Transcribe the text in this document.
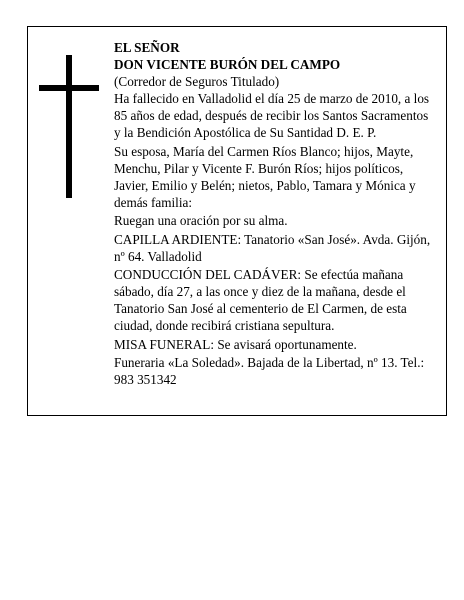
EL SEÑOR
DON VICENTE BURÓN DEL CAMPO
(Corredor de Seguros Titulado)

Ha fallecido en Valladolid el día 25 de marzo de 2010, a los 85 años de edad, después de recibir los Santos Sacramentos y la Bendición Apostólica de Su Santidad D. E. P.

Su esposa, María del Carmen Ríos Blanco; hijos, Mayte, Menchu, Pilar y Vicente F. Burón Ríos; hijos políticos, Javier, Emilio y Belén; nietos, Pablo, Tamara y Mónica y demás familia:

Ruegan una oración por su alma.

CAPILLA ARDIENTE: Tanatorio «San José». Avda. Gijón, nº 64. Valladolid

CONDUCCIÓN DEL CADÁVER: Se efectúa mañana sábado, día 27, a las once y diez de la mañana, desde el Tanatorio San José al cementerio de El Carmen, de esta ciudad, donde recibirá cristiana sepultura.

MISA FUNERAL: Se avisará oportunamente.

Funeraria «La Soledad». Bajada de la Libertad, nº 13. Tel.: 983 351342
